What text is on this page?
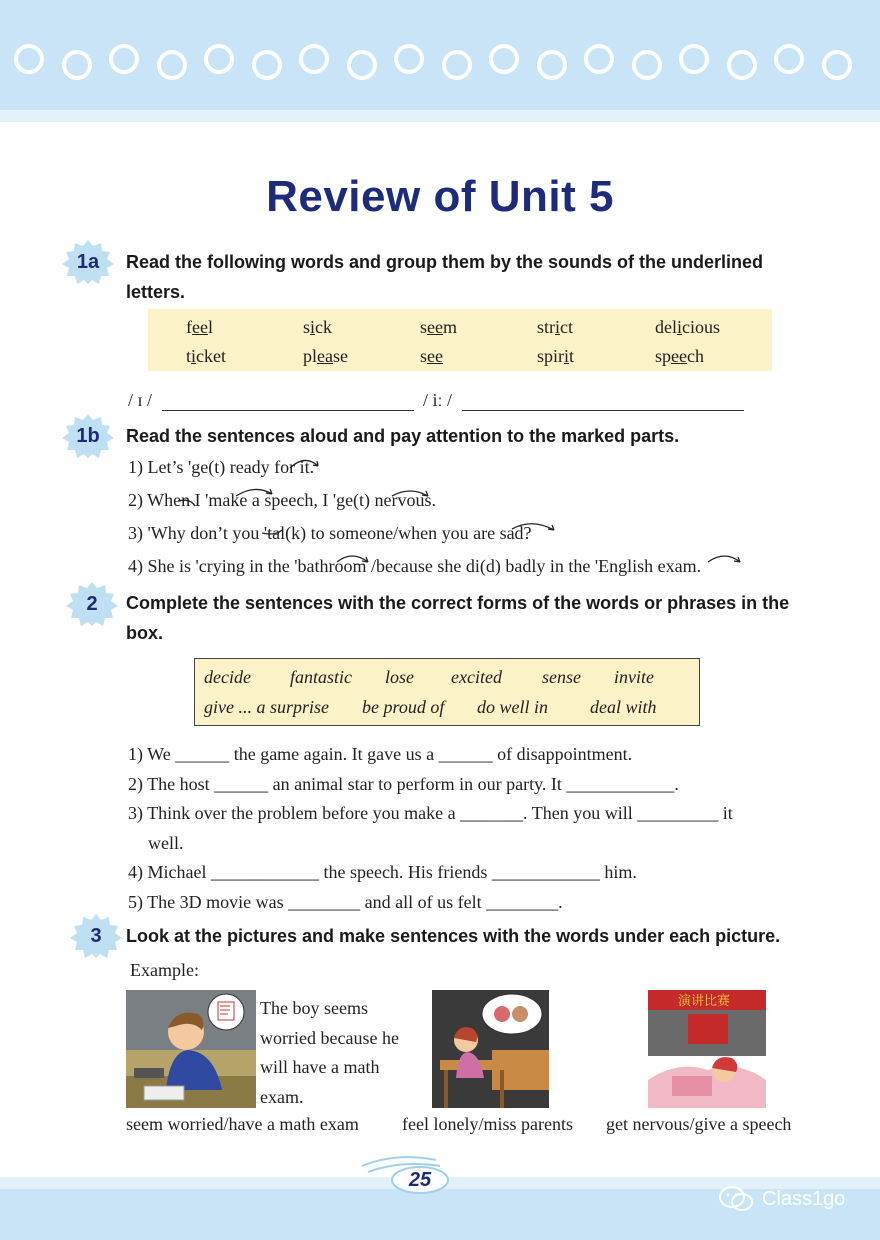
Review of Unit 5
1a Read the following words and group them by the sounds of the underlined letters.
feel	sick	seem	strict	delicious
ticket	please	see	spirit	speech
/ ɪ /	/ iː /
1b Read the sentences aloud and pay attention to the marked parts.
1) Let’s 'ge(t) ready for it.
2) When I 'make a speech, I 'ge(t) nervous.
3) 'Why don’t you 'tal(k) to someone/when you are sad?
4) She is 'crying in the 'bathroom /because she di(d) badly in the 'English exam.
2 Complete the sentences with the correct forms of the words or phrases in the box.
decide fantastic lose excited sense invite
give ... a surprise be proud of do well in deal with
1) We ______ the game again. It gave us a ______ of disappointment.
2) The host ______ an animal star to perform in our party. It ____________.
3) Think over the problem before you make a _______. Then you will _________ it
well.
4) Michael ____________ the speech. His friends ____________ him.
5) The 3D movie was ________ and all of us felt ________.
3 Look at the pictures and make sentences with the words under each picture.
Example:
The boy seems worried because he will have a math exam.
演讲比赛
seem worried/have a math exam feel lonely/miss parents get nervous/give a speech
25
Class1go
